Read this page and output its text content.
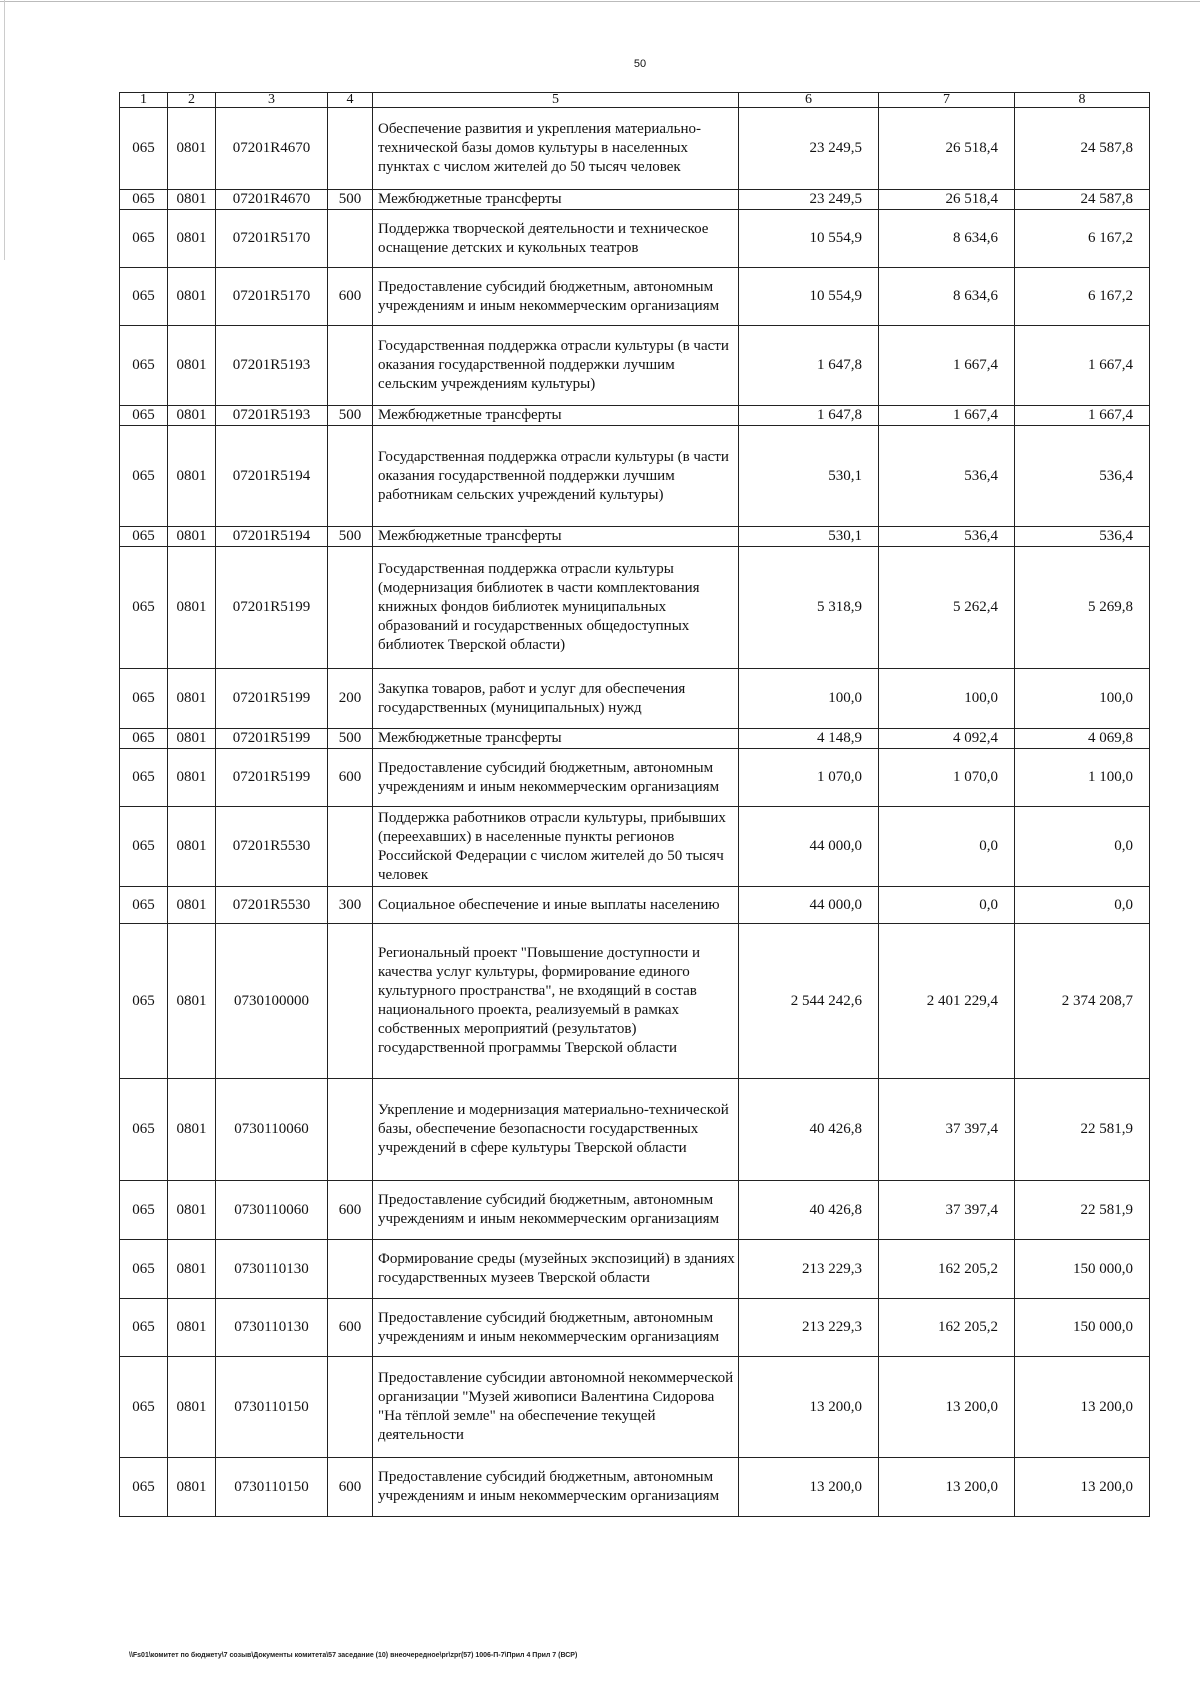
50
1	2	3	4	5	6	7	8
065	0801	07201R4670		Обеспечение развития и укрепления материально-технической базы домов культуры в населенных пунктах с числом жителей до 50 тысяч человек	23 249,5	26 518,4	24 587,8
065	0801	07201R4670	500	Межбюджетные трансферты	23 249,5	26 518,4	24 587,8
065	0801	07201R5170		Поддержка творческой деятельности и техническое оснащение детских и кукольных театров	10 554,9	8 634,6	6 167,2
065	0801	07201R5170	600	Предоставление субсидий бюджетным, автономным учреждениям и иным некоммерческим организациям	10 554,9	8 634,6	6 167,2
065	0801	07201R5193		Государственная поддержка отрасли культуры (в части оказания государственной поддержки лучшим сельским учреждениям культуры)	1 647,8	1 667,4	1 667,4
065	0801	07201R5193	500	Межбюджетные трансферты	1 647,8	1 667,4	1 667,4
065	0801	07201R5194		Государственная поддержка отрасли культуры (в части оказания государственной поддержки лучшим работникам сельских учреждений культуры)	530,1	536,4	536,4
065	0801	07201R5194	500	Межбюджетные трансферты	530,1	536,4	536,4
065	0801	07201R5199		Государственная поддержка отрасли культуры (модернизация библиотек в части комплектования книжных фондов библиотек муниципальных образований и государственных общедоступных библиотек Тверской области)	5 318,9	5 262,4	5 269,8
065	0801	07201R5199	200	Закупка товаров, работ и услуг для обеспечения государственных (муниципальных) нужд	100,0	100,0	100,0
065	0801	07201R5199	500	Межбюджетные трансферты	4 148,9	4 092,4	4 069,8
065	0801	07201R5199	600	Предоставление субсидий бюджетным, автономным учреждениям и иным некоммерческим организациям	1 070,0	1 070,0	1 100,0
065	0801	07201R5530		Поддержка работников отрасли культуры, прибывших (переехавших) в населенные пункты регионов Российской Федерации с числом жителей до 50 тысяч человек	44 000,0	0,0	0,0
065	0801	07201R5530	300	Социальное обеспечение и иные выплаты населению	44 000,0	0,0	0,0
065	0801	0730100000		Региональный проект "Повышение доступности и качества услуг культуры, формирование единого культурного пространства", не входящий в состав национального проекта, реализуемый в рамках собственных мероприятий (результатов) государственной программы Тверской области	2 544 242,6	2 401 229,4	2 374 208,7
065	0801	0730110060		Укрепление и модернизация материально-технической базы, обеспечение безопасности государственных учреждений в сфере культуры Тверской области	40 426,8	37 397,4	22 581,9
065	0801	0730110060	600	Предоставление субсидий бюджетным, автономным учреждениям и иным некоммерческим организациям	40 426,8	37 397,4	22 581,9
065	0801	0730110130		Формирование среды (музейных экспозиций) в зданиях государственных музеев Тверской области	213 229,3	162 205,2	150 000,0
065	0801	0730110130	600	Предоставление субсидий бюджетным, автономным учреждениям и иным некоммерческим организациям	213 229,3	162 205,2	150 000,0
065	0801	0730110150		Предоставление субсидии автономной некоммерческой организации "Музей живописи Валентина Сидорова "На тёплой земле" на обеспечение текущей деятельности	13 200,0	13 200,0	13 200,0
065	0801	0730110150	600	Предоставление субсидий бюджетным, автономным учреждениям и иным некоммерческим организациям	13 200,0	13 200,0	13 200,0
\\Fs01\комитет по бюджету\7 созыв\Документы комитета\57 заседание (10) внеочередное\pr\zpr(57) 1006-П-7\Прил 4 Прил 7 (ВСР)
